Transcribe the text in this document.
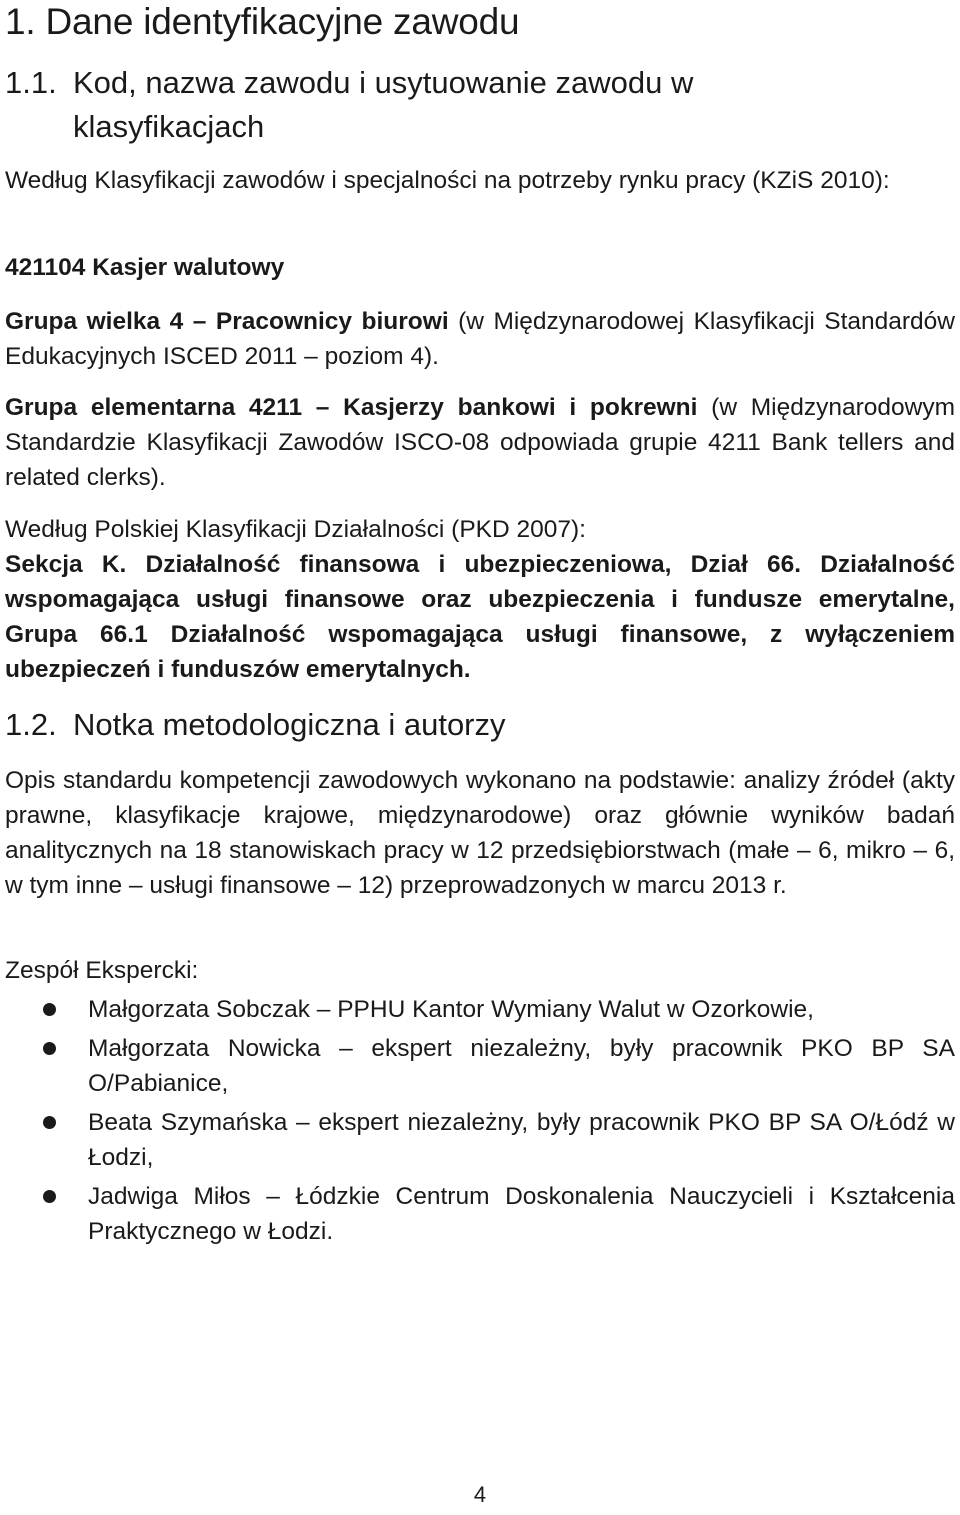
1. Dane identyfikacyjne zawodu
1.1. Kod, nazwa zawodu i usytuowanie zawodu w klasyfikacjach

Według Klasyfikacji zawodów i specjalności na potrzeby rynku pracy (KZiS 2010):

421104 Kasjer walutowy

Grupa wielka 4 – Pracownicy biurowi (w Międzynarodowej Klasyfikacji Standardów Edukacyjnych ISCED 2011 – poziom 4).

Grupa elementarna 4211 – Kasjerzy bankowi i pokrewni (w Międzynarodowym Standardzie Klasyfikacji Zawodów ISCO-08 odpowiada grupie 4211 Bank tellers and related clerks).

Według Polskiej Klasyfikacji Działalności (PKD 2007):

Sekcja K. Działalność finansowa i ubezpieczeniowa, Dział 66. Działalność wspomagająca usługi finansowe oraz ubezpieczenia i fundusze emerytalne, Grupa 66.1 Działalność wspomagająca usługi finansowe, z wyłączeniem ubezpieczeń i funduszów emerytalnych.

1.2. Notka metodologiczna i autorzy

Opis standardu kompetencji zawodowych wykonano na podstawie: analizy źródeł (akty prawne, klasyfikacje krajowe, międzynarodowe) oraz głównie wyników badań analitycznych na 18 stanowiskach pracy w 12 przedsiębiorstwach (małe – 6, mikro – 6, w tym inne – usługi finansowe – 12) przeprowadzonych w marcu 2013 r.

Zespół Ekspercki:

Małgorzata Sobczak – PPHU Kantor Wymiany Walut w Ozorkowie,
Małgorzata Nowicka – ekspert niezależny, były pracownik PKO BP SA O/Pabianice,
Beata Szymańska – ekspert niezależny, były pracownik PKO BP SA O/Łódź w Łodzi,
Jadwiga Miłos – Łódzkie Centrum Doskonalenia Nauczycieli i Kształcenia Praktycznego w Łodzi.
4
